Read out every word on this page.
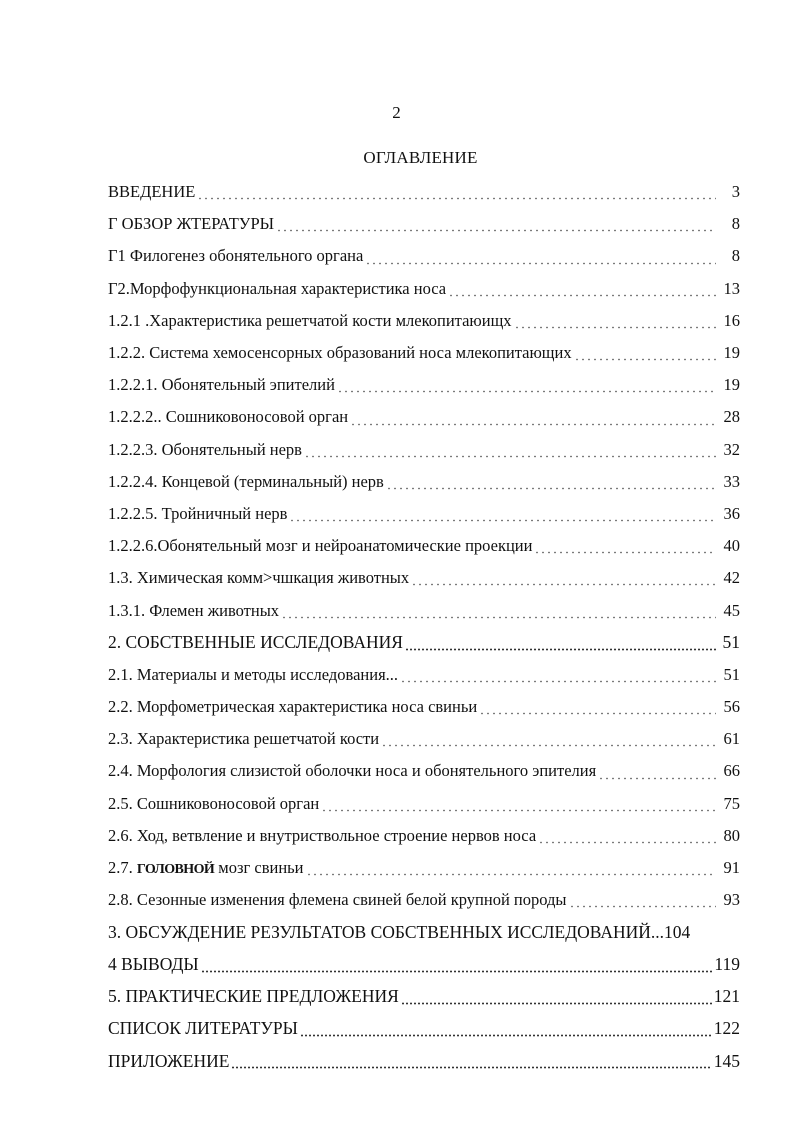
2
ОГЛАВЛЕНИЕ
ВВЕДЕНИЕ	3
Г ОБЗОР ЖТЕРАТУРЫ	8
Г1 Филогенез обонятельного органа	8
Г2.Морфофункциональная характеристика носа	13
1.2.1 .Характеристика решетчатой кости млекопитаюищх	16
1.2.2. Система хемосенсорных образований носа млекопитающих	19
1.2.2.1. Обонятельный эпителий	19
1.2.2.2.. Сошниковоносовой орган	28
1.2.2.3. Обонятельный нерв	32
1.2.2.4. Концевой (терминальный) нерв	33
1.2.2.5. Тройничный нерв	36
1.2.2.6.Обонятельный мозг и нейроанатомические проекции	40
1.3. Химическая комм>чшкация животных	42
1.3.1. Флемен животных	45
2. СОБСТВЕННЫЕ ИССЛЕДОВАНИЯ	51
2.1. Материалы и методы исследования...	51
2.2. Морфометрическая характеристика носа свиньи	56
2.3. Характеристика решетчатой кости	61
2.4. Морфология слизистой оболочки носа и обонятельного эпителия	66
2.5. Сошниковоносовой орган	75
2.6. Ход, ветвление и внутриствольное строение нервов носа	80
2.7. ГОЛОВНОЙ мозг свиньи	91
2.8. Сезонные изменения флемена свиней белой крупной породы	93
3. ОБСУЖДЕНИЕ РЕЗУЛЬТАТОВ СОБСТВЕННЫХ ИССЛЕДОВАНИЙ... 104
4 ВЫВОДЫ	119
5. ПРАКТИЧЕСКИЕ ПРЕДЛОЖЕНИЯ	121
СПИСОК ЛИТЕРАТУРЫ	122
ПРИЛОЖЕНИЕ	145
